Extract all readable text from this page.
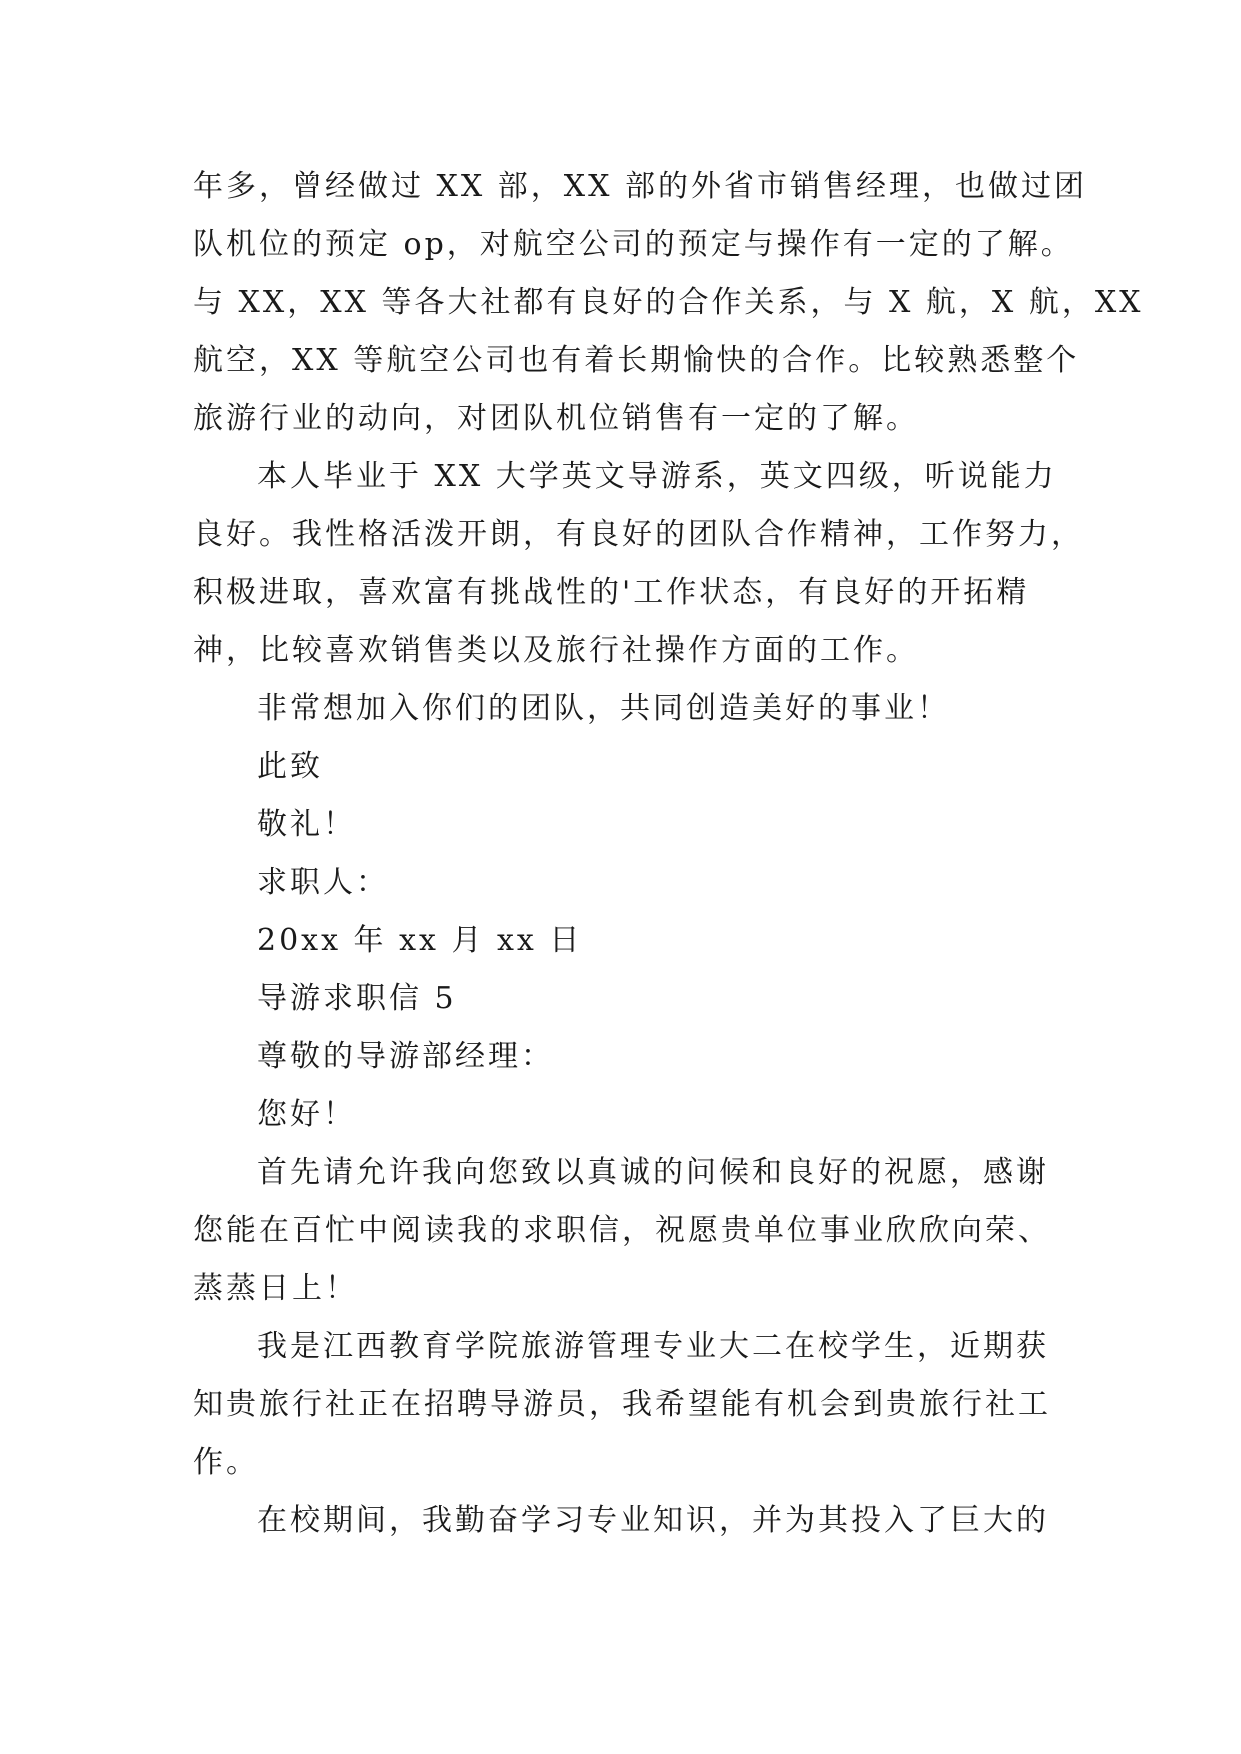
年多，曾经做过 XX 部，XX 部的外省市销售经理，也做过团
队机位的预定 op，对航空公司的预定与操作有一定的了解。
与 XX，XX 等各大社都有良好的合作关系，与 X 航，X 航，XX
航空，XX 等航空公司也有着长期愉快的合作。比较熟悉整个
旅游行业的动向，对团队机位销售有一定的了解。
本人毕业于 XX 大学英文导游系，英文四级，听说能力
良好。我性格活泼开朗，有良好的团队合作精神，工作努力，
积极进取，喜欢富有挑战性的'工作状态，有良好的开拓精
神，比较喜欢销售类以及旅行社操作方面的工作。
非常想加入你们的团队，共同创造美好的事业！
此致
敬礼！
求职人：
20xx 年 xx 月 xx 日
导游求职信 5
尊敬的导游部经理：
您好！
首先请允许我向您致以真诚的问候和良好的祝愿，感谢
您能在百忙中阅读我的求职信，祝愿贵单位事业欣欣向荣、
蒸蒸日上！
我是江西教育学院旅游管理专业大二在校学生，近期获
知贵旅行社正在招聘导游员，我希望能有机会到贵旅行社工
作。
在校期间，我勤奋学习专业知识，并为其投入了巨大的
